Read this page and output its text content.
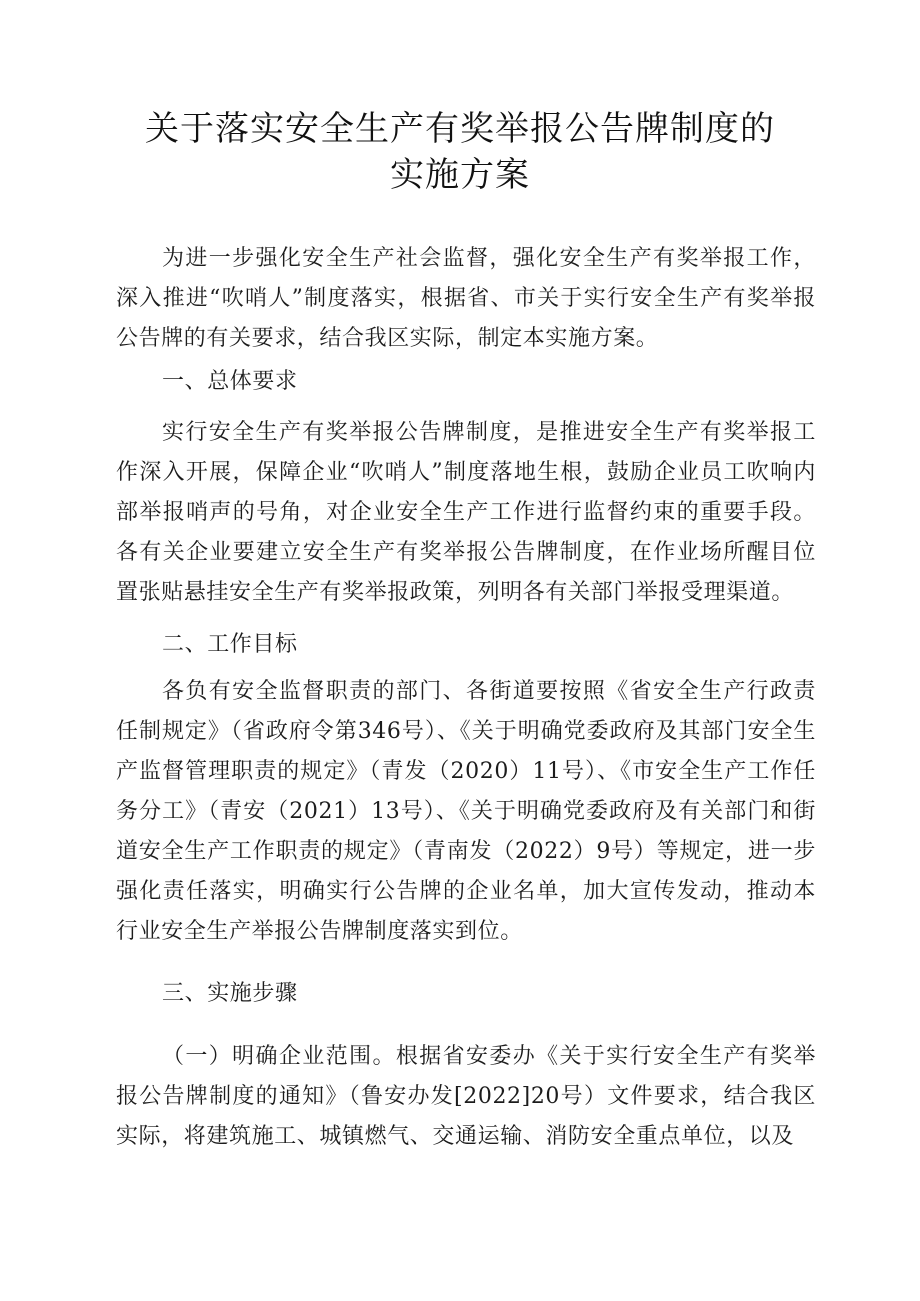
关于落实安全生产有奖举报公告牌制度的
实施方案

为进一步强化安全生产社会监督，强化安全生产有奖举报工作，深入推进“吹哨人”制度落实，根据省、市关于实行安全生产有奖举报公告牌的有关要求，结合我区实际，制定本实施方案。

一、总体要求

实行安全生产有奖举报公告牌制度，是推进安全生产有奖举报工作深入开展，保障企业“吹哨人”制度落地生根，鼓励企业员工吹响内部举报哨声的号角，对企业安全生产工作进行监督约束的重要手段。各有关企业要建立安全生产有奖举报公告牌制度，在作业场所醒目位置张贴悬挂安全生产有奖举报政策，列明各有关部门举报受理渠道。

二、工作目标

各负有安全监督职责的部门、各街道要按照《省安全生产行政责任制规定》（省政府令第346号）、《关于明确党委政府及其部门安全生产监督管理职责的规定》（青发（2020）11号）、《市安全生产工作任务分工》（青安（2021）13号）、《关于明确党委政府及有关部门和街道安全生产工作职责的规定》（青南发（2022）9号）等规定，进一步强化责任落实，明确实行公告牌的企业名单，加大宣传发动，推动本行业安全生产举报公告牌制度落实到位。

三、实施步骤

（一）明确企业范围。根据省安委办《关于实行安全生产有奖举报公告牌制度的通知》（鲁安办发[2022]20号）文件要求，结合我区实际，将建筑施工、城镇燃气、交通运输、消防安全重点单位，以及
